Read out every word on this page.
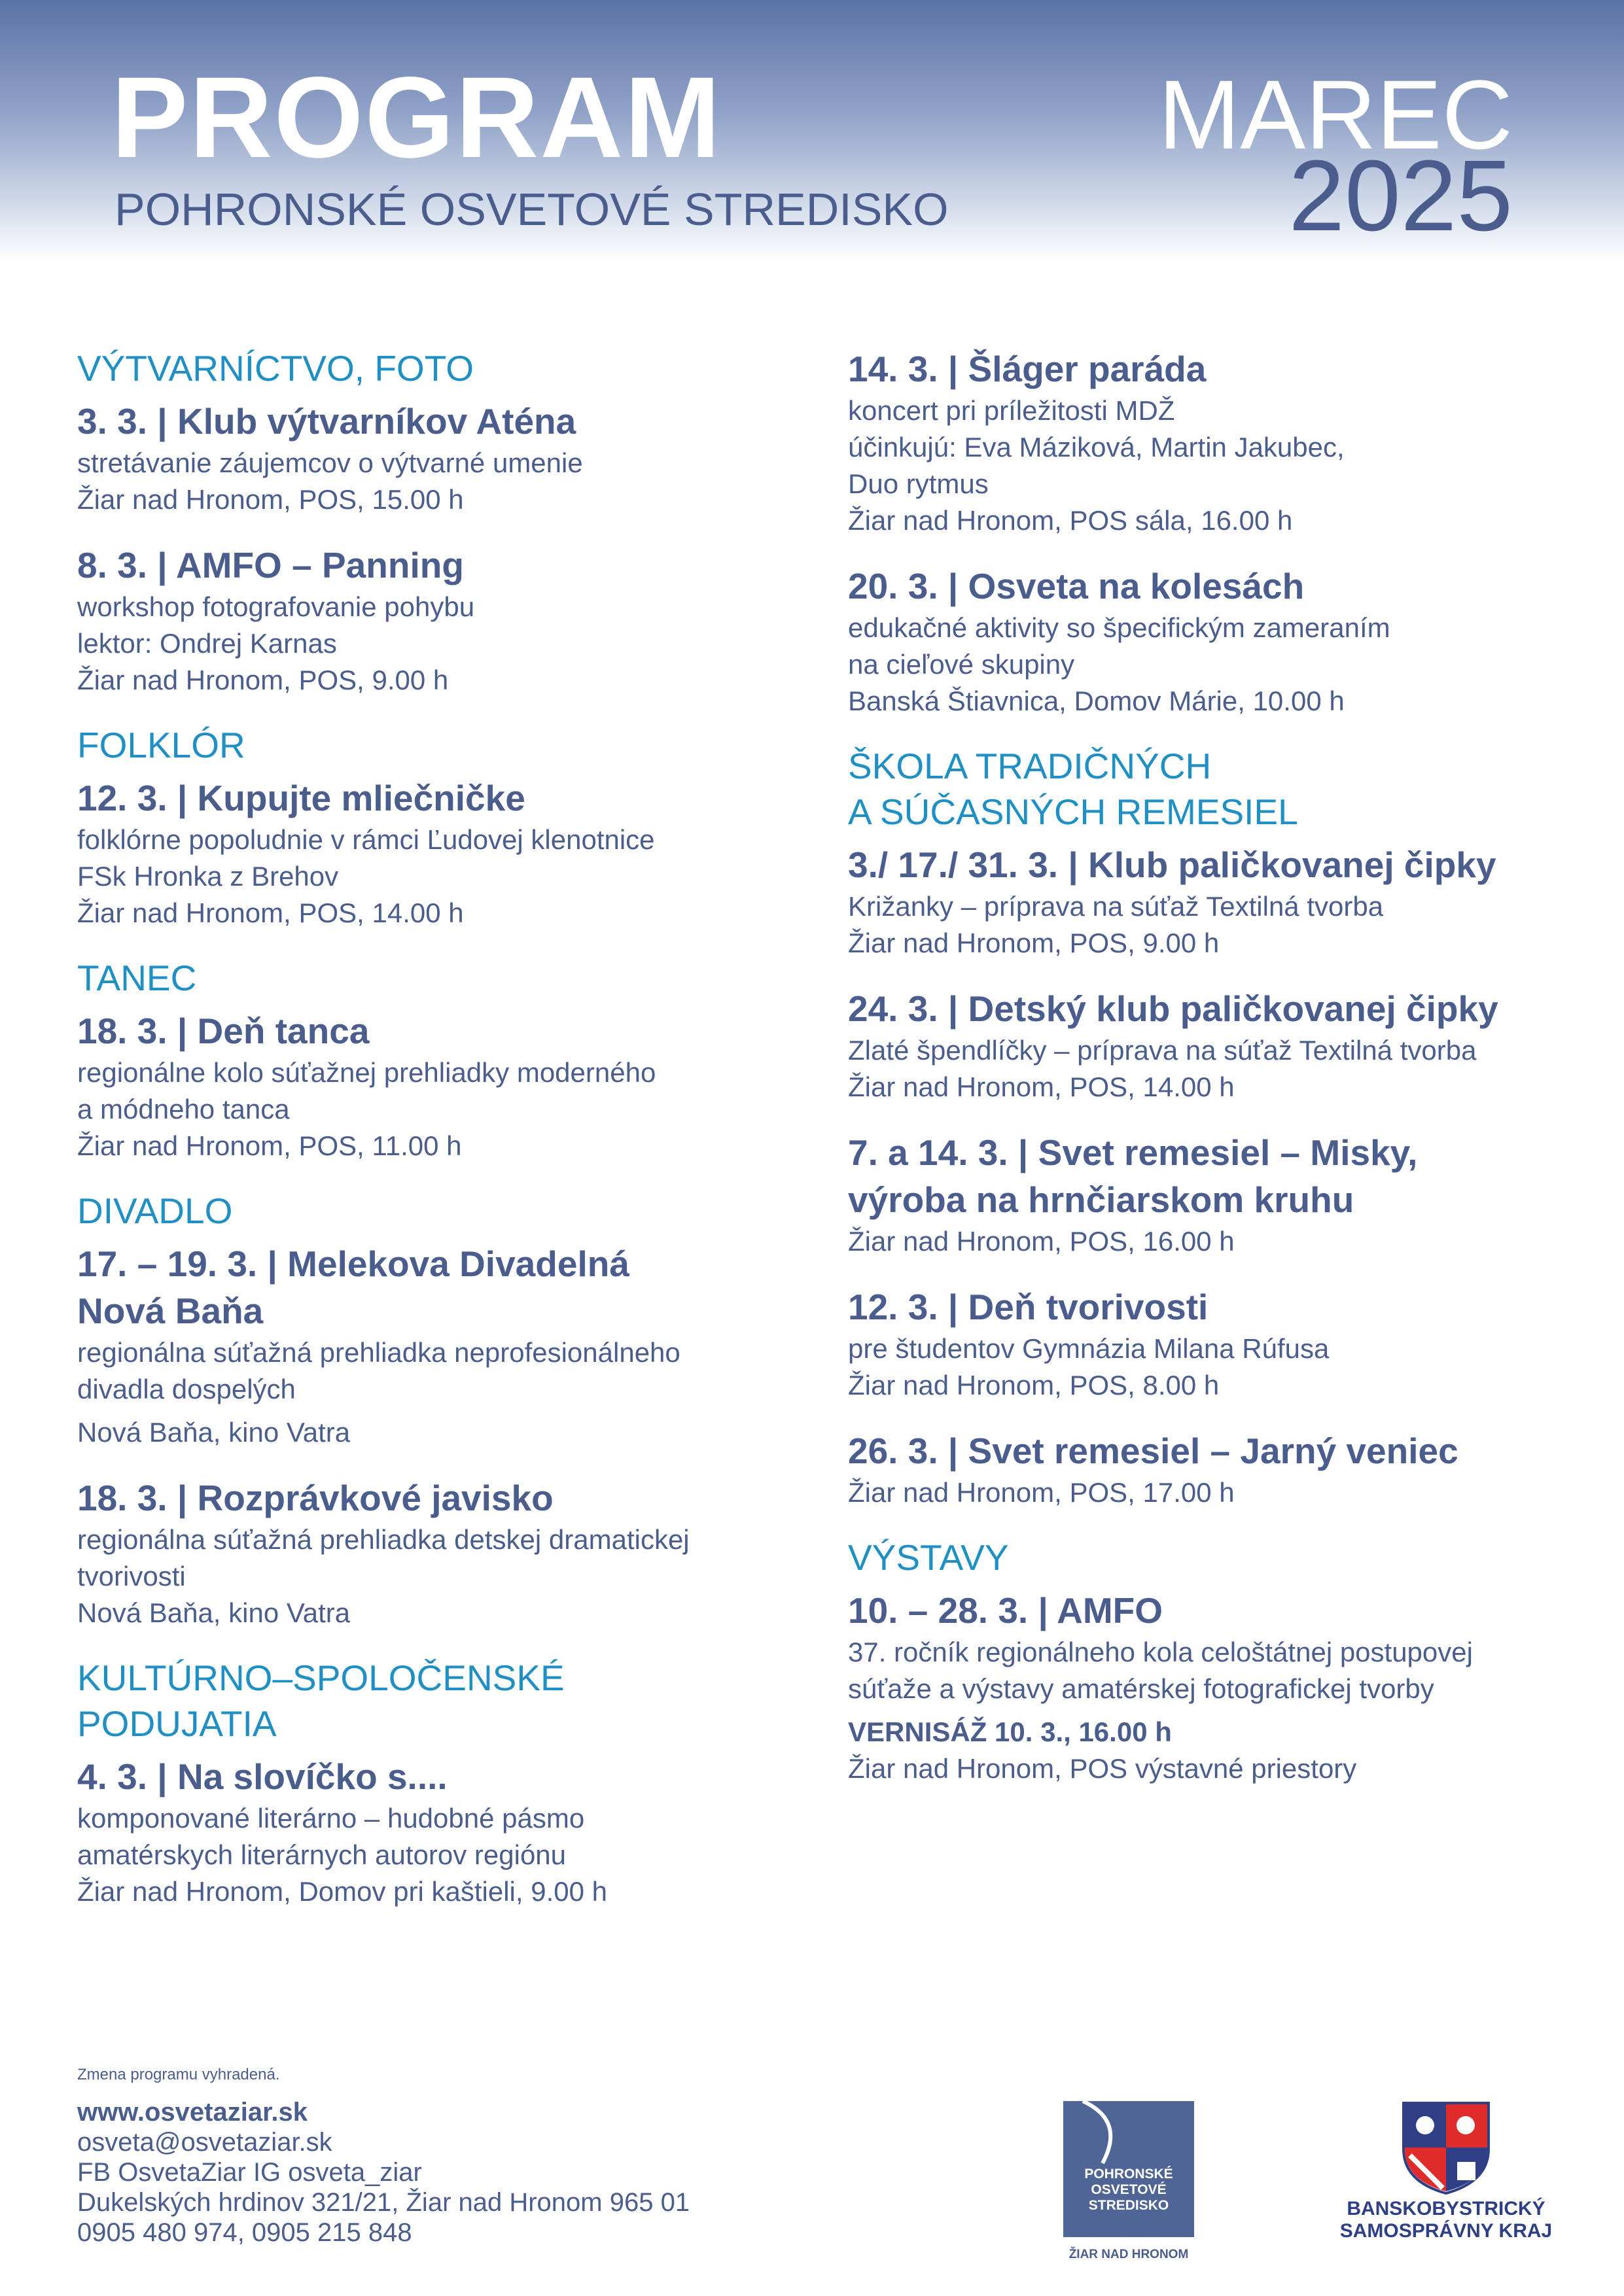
PROGRAM
POHRONSKÉ OSVETOVÉ STREDISKO
MAREC
2025
VÝTVARNÍCTVO, FOTO
3. 3. | Klub výtvarníkov Aténa
stretávanie záujemcov o výtvarné umenie
Žiar nad Hronom, POS, 15.00 h
8. 3. | AMFO – Panning
workshop fotografovanie pohybu
lektor: Ondrej Karnas
Žiar nad Hronom, POS, 9.00 h
FOLKLÓR
12. 3. | Kupujte mliečničke
folklórne popoludnie v rámci Ľudovej klenotnice
FSk Hronka z Brehov
Žiar nad Hronom, POS, 14.00 h
TANEC
18. 3. | Deň tanca
regionálne kolo súťažnej prehliadky moderného
a módneho tanca
Žiar nad Hronom, POS, 11.00 h
DIVADLO
17. – 19. 3. | Melekova Divadelná
Nová Baňa
regionálna súťažná prehliadka neprofesionálneho
divadla dospelých
Nová Baňa, kino Vatra
18. 3. | Rozprávkové javisko
regionálna súťažná prehliadka detskej dramatickej
tvorivosti
Nová Baňa, kino Vatra
KULTÚRNO–SPOLOČENSKÉ
PODUJATIA
4. 3. | Na slovíčko s....
komponované literárno – hudobné pásmo
amatérskych literárnych autorov regiónu
Žiar nad Hronom, Domov pri kaštieli, 9.00 h
14. 3. | Šláger paráda
koncert pri príležitosti MDŽ
účinkujú: Eva Máziková, Martin Jakubec,
Duo rytmus
Žiar nad Hronom, POS sála, 16.00 h
20. 3. | Osveta na kolesách
edukačné aktivity so špecifickým zameraním
na cieľové skupiny
Banská Štiavnica, Domov Márie, 10.00 h
ŠKOLA TRADIČNÝCH
A SÚČASNÝCH REMESIEL
3./ 17./ 31. 3. | Klub paličkovanej čipky
Križanky – príprava na súťaž Textilná tvorba
Žiar nad Hronom, POS, 9.00 h
24. 3. | Detský klub paličkovanej čipky
Zlaté špendlíčky – príprava na súťaž Textilná tvorba
Žiar nad Hronom, POS, 14.00 h
7. a 14. 3. | Svet remesiel – Misky,
výroba na hrnčiarskom kruhu
Žiar nad Hronom, POS, 16.00 h
12. 3. | Deň tvorivosti
pre študentov Gymnázia Milana Rúfusa
Žiar nad Hronom, POS, 8.00 h
26. 3. | Svet remesiel – Jarný veniec
Žiar nad Hronom, POS, 17.00 h
VÝSTAVY
10. – 28. 3. | AMFO
37. ročník regionálneho kola celoštátnej postupovej
súťaže a výstavy amatérskej fotografickej tvorby
VERNISÁŽ 10. 3., 16.00 h
Žiar nad Hronom, POS výstavné priestory
Zmena programu vyhradená.
www.osvetaziar.sk
osveta@osvetaziar.sk
FB OsvetaZiar IG osveta_ziar
Dukelských hrdinov 321/21, Žiar nad Hronom 965 01
0905 480 974, 0905 215 848
POHRONSKÉ
OSVETOVÉ
STREDISKO
ŽIAR NAD HRONOM
BANSKOBYSTRICKÝ
SAMOSPRÁVNY KRAJ
